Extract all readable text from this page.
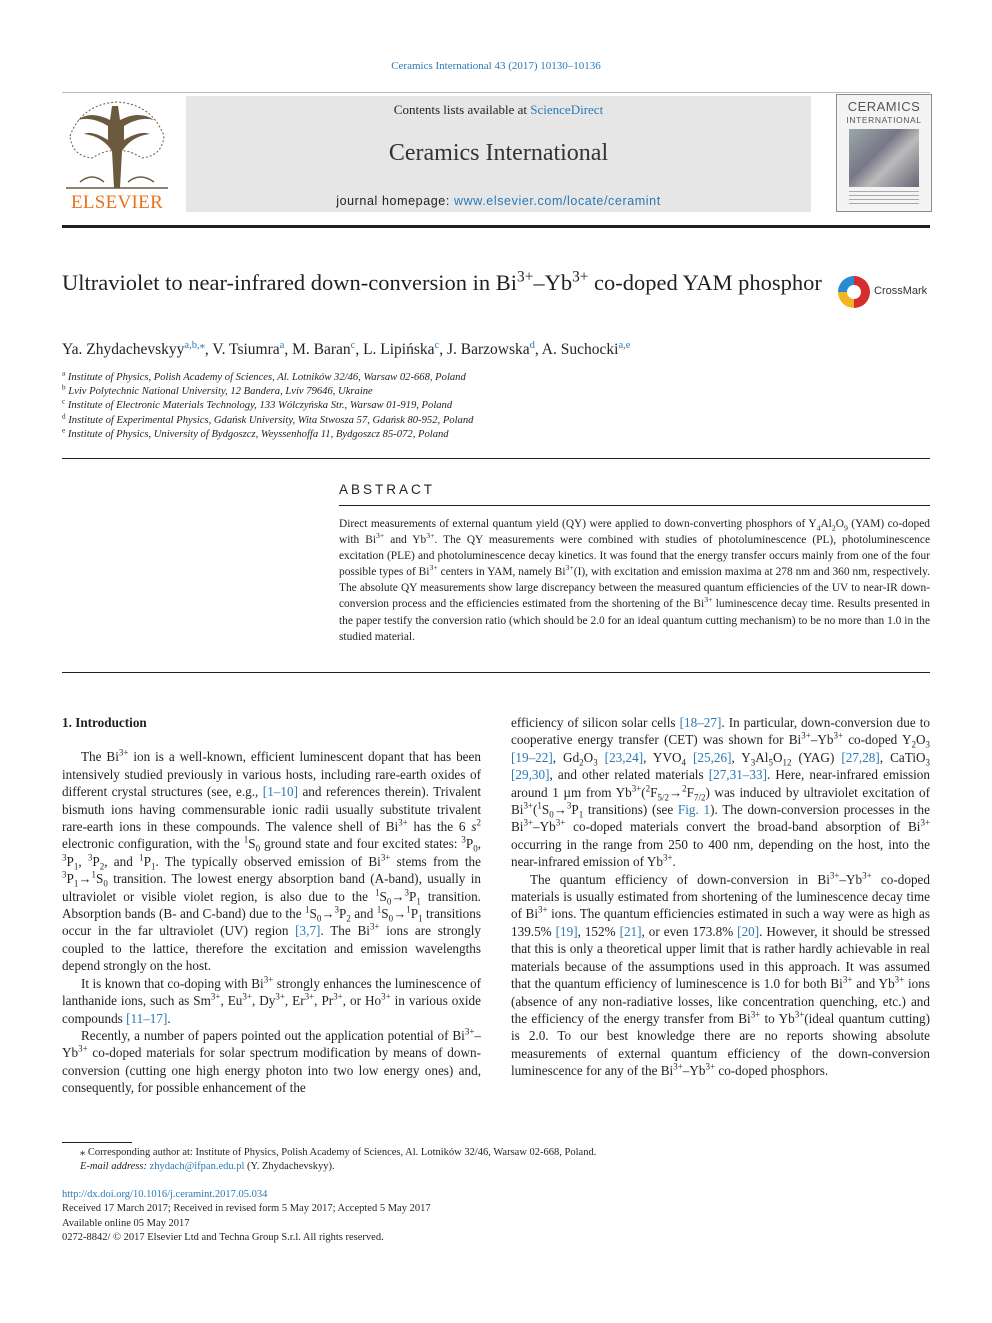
Ceramics International 43 (2017) 10130–10136
ELSEVIER
Contents lists available at ScienceDirect
Ceramics International
journal homepage: www.elsevier.com/locate/ceramint
CERAMICS
INTERNATIONAL
Ultraviolet to near-infrared down-conversion in $Bi^{3+}-Yb^{3+}$ co-doped YAM phosphor	CrossMark
Ya. Zhydachevskyy$^{a,b,⁎}$, V. Tsiumra$^a$, M. Baran$^c$, L. Lipińska$^c$, J. Barzowska$^d$, A. Suchocki$^{a,e}$
$^a$ Institute of Physics, Polish Academy of Sciences, Al. Lotników 32/46, Warsaw 02-668, Poland
$^b$ Lviv Polytechnic National University, 12 Bandera, Lviv 79646, Ukraine
$^c$ Institute of Electronic Materials Technology, 133 Wólczyńska Str., Warsaw 01-919, Poland
$^d$ Institute of Experimental Physics, Gdańsk University, Wita Stwosza 57, Gdańsk 80-952, Poland
$^e$ Institute of Physics, University of Bydgoszcz, Weyssenhoffa 11, Bydgoszcz 85-072, Poland
ABSTRACT
Direct measurements of external quantum yield (QY) were applied to down-converting phosphors of $Y_4Al_2O_9$ (YAM) co-doped with $Bi^{3+}$ and $Yb^{3+}$. The QY measurements were combined with studies of photoluminescence (PL), photoluminescence excitation (PLE) and photoluminescence decay kinetics. It was found that the energy transfer occurs mainly from one of the four possible types of $Bi^{3+}$ centers in YAM, namely $Bi^{3+}(I)$, with excitation and emission maxima at 278 nm and 360 nm, respectively. The absolute QY measurements show large discrepancy between the measured quantum efficiencies of the UV to near-IR down-conversion process and the efficiencies estimated from the shortening of the $Bi^{3+}$ luminescence decay time. Results presented in the paper testify the conversion ratio (which should be 2.0 for an ideal quantum cutting mechanism) to be no more than 1.0 in the studied material.

1. Introduction

The $Bi^{3+}$ ion is a well-known, efficient luminescent dopant that has been intensively studied previously in various hosts, including rare-earth oxides of different crystal structures (see, e.g., [1–10] and references therein). Trivalent bismuth ions having commensurable ionic radii usually substitute trivalent rare-earth ions in these compounds. The valence shell of $Bi^{3+}$ has the 6 $s^2$ electronic configuration, with the $^1S_0$ ground state and four excited states: $^3P_0$, $^3P_1$, $^3P_2$, and $^1P_1$. The typically observed emission of $Bi^{3+}$ stems from the $^3P_1\to^1S_0$ transition. The lowest energy absorption band (A-band), usually in ultraviolet or visible violet region, is also due to the $^1S_0\to^3P_1$ transition. Absorption bands (B- and C-band) due to the $^1S_0\to^3P_2$ and $^1S_0\to^1P_1$ transitions occur in the far ultraviolet (UV) region [3,7]. The $Bi^{3+}$ ions are strongly coupled to the lattice, therefore the excitation and emission wavelengths depend strongly on the host.

It is known that co-doping with $Bi^{3+}$ strongly enhances the luminescence of lanthanide ions, such as $Sm^{3+}$, $Eu^{3+}$, $Dy^{3+}$, $Er^{3+}$, $Pr^{3+}$, or $Ho^{3+}$ in various oxide compounds [11–17].

Recently, a number of papers pointed out the application potential of $Bi^{3+}-Yb^{3+}$ co-doped materials for solar spectrum modification by means of down-conversion (cutting one high energy photon into two low energy ones) and, consequently, for possible enhancement of the

efficiency of silicon solar cells [18–27]. In particular, down-conversion due to cooperative energy transfer (CET) was shown for $Bi^{3+}-Yb^{3+}$ co-doped $Y_2O_3$ [19–22], $Gd_2O_3$ [23,24], $YVO_4$ [25,26], $Y_3Al_5O_{12}$ (YAG) [27,28], CaTiO$_3$ [29,30], and other related materials [27,31–33]. Here, near-infrared emission around 1 µm from $Yb^{3+}(^2F_{5/2}\to^2F_{7/2})$ was induced by ultraviolet excitation of $Bi^{3+}(^1S_0\to^3P_1$ transitions) (see Fig. 1). The down-conversion processes in the $Bi^{3+}-Yb^{3+}$ co-doped materials convert the broad-band absorption of $Bi^{3+}$ occurring in the range from 250 to 400 nm, depending on the host, into the near-infrared emission of $Yb^{3+}$.

The quantum efficiency of down-conversion in $Bi^{3+}-Yb^{3+}$ co-doped materials is usually estimated from shortening of the luminescence decay time of $Bi^{3+}$ ions. The quantum efficiencies estimated in such a way were as high as 139.5% [19], 152% [21], or even 173.8% [20]. However, it should be stressed that this is only a theoretical upper limit that is rather hardly achievable in real materials because of the assumptions used in this approach. It was assumed that the quantum efficiency of luminescence is 1.0 for both $Bi^{3+}$ and $Yb^{3+}$ ions (absence of any non-radiative losses, like concentration quenching, etc.) and the efficiency of the energy transfer from $Bi^{3+}$ to $Yb^{3+}(ideal$ quantum cutting) is 2.0. To our best knowledge there are no reports showing absolute measurements of external quantum efficiency of the down-conversion luminescence for any of the $Bi^{3+}-Yb^{3+}$ co-doped phosphors.

⁎ Corresponding author at: Institute of Physics, Polish Academy of Sciences, Al. Lotników 32/46, Warsaw 02-668, Poland.
E-mail address: zhydach@ifpan.edu.pl (Y. Zhydachevskyy).
http://dx.doi.org/10.1016/j.ceramint.2017.05.034
Received 17 March 2017; Received in revised form 5 May 2017; Accepted 5 May 2017
Available online 05 May 2017
0272-8842/ © 2017 Elsevier Ltd and Techna Group S.r.l. All rights reserved.
